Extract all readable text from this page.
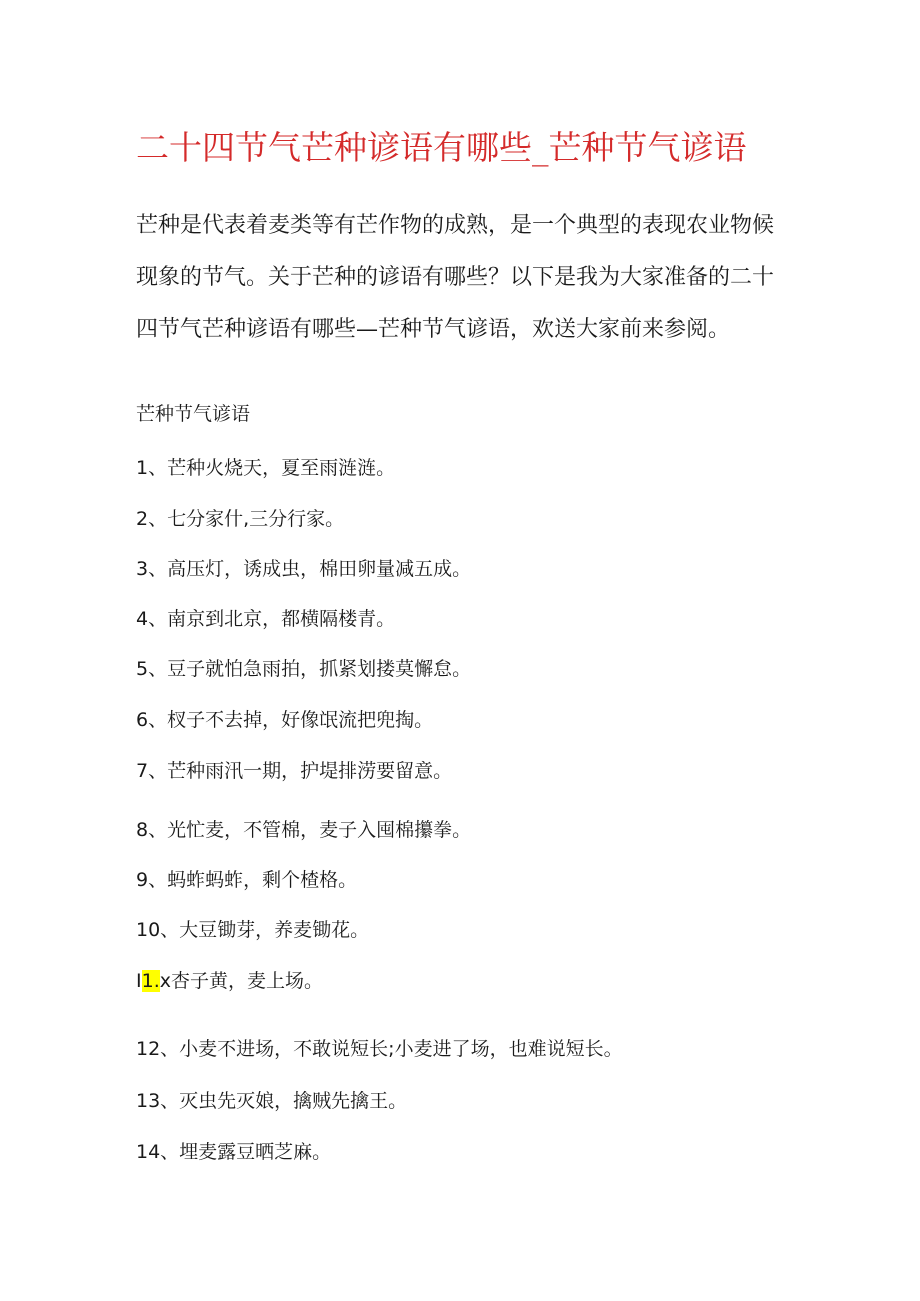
二十四节气芒种谚语有哪些_芒种节气谚语

芒种是代表着麦类等有芒作物的成熟，是一个典型的表现农业物候现象的节气。关于芒种的谚语有哪些？以下是我为大家准备的二十四节气芒种谚语有哪些—芒种节气谚语，欢送大家前来参阅。

芒种节气谚语

1、芒种火烧天，夏至雨涟涟。

2、七分家什,三分行家。

3、高压灯，诱成虫，棉田卵量减五成。

4、南京到北京，都横隔楼青。

5、豆子就怕急雨拍，抓紧划搂莫懈怠。

6、杈子不去掉，好像氓流把兜掏。

7、芒种雨汛一期，护堤排涝要留意。

8、光忙麦，不管棉，麦子入囤棉攥拳。

9、蚂蚱蚂蚱，剩个楂格。

10、大豆锄芽，养麦锄花。

I1.x杏子黄，麦上场。

12、小麦不进场，不敢说短长;小麦进了场，也难说短长。

13、灭虫先灭娘，擒贼先擒王。

14、埋麦露豆晒芝麻。
